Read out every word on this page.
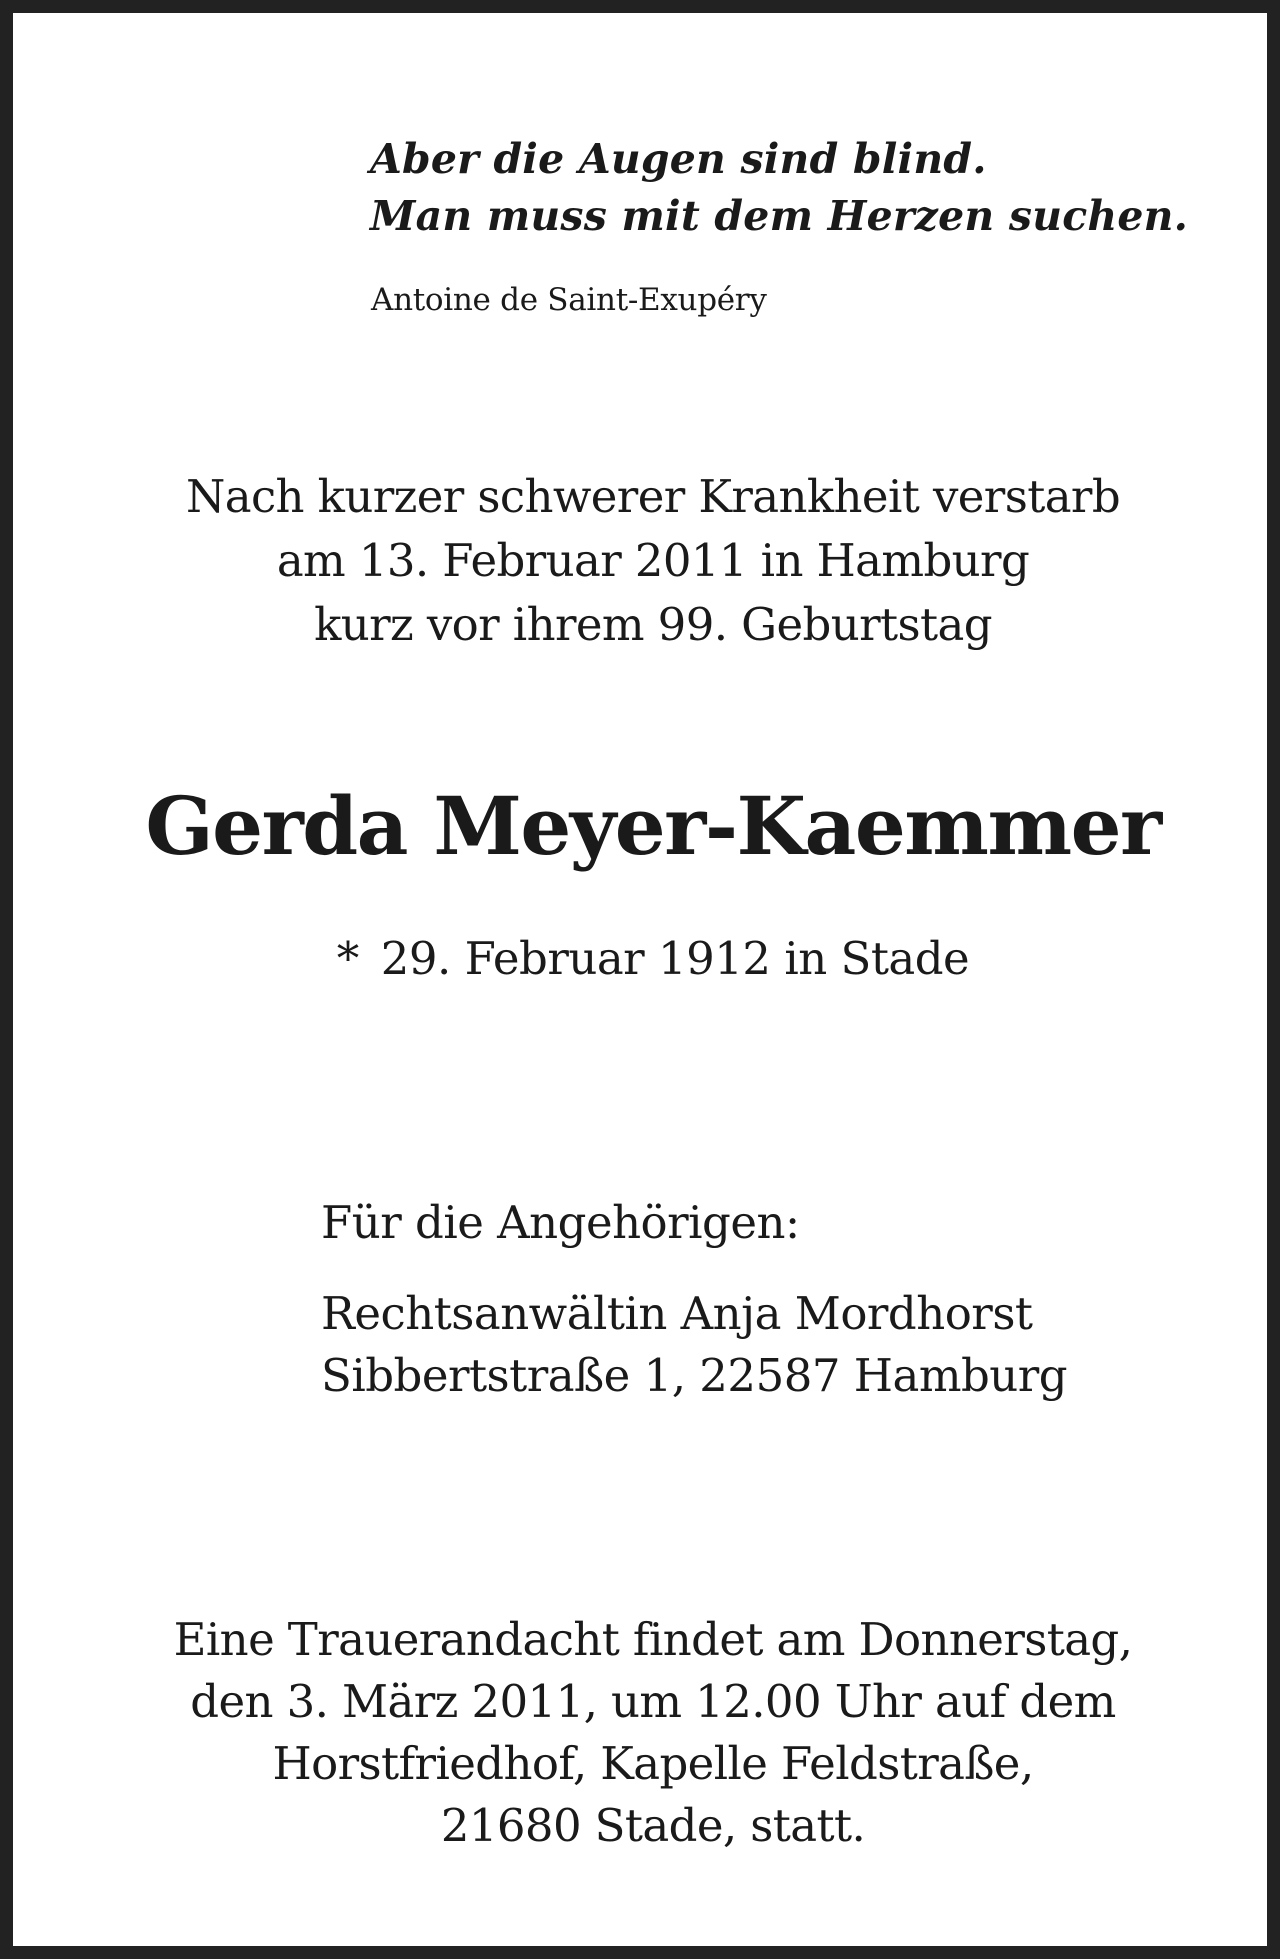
Aber die Augen sind blind.
Man muss mit dem Herzen suchen.
Antoine de Saint-Exupéry
Nach kurzer schwerer Krankheit verstarb
am 13. Februar 2011 in Hamburg
kurz vor ihrem 99. Geburtstag
Gerda Meyer-Kaemmer
* 29. Februar 1912 in Stade
Für die Angehörigen:
Rechtsanwältin Anja Mordhorst
Sibbertstraße 1, 22587 Hamburg
Eine Trauerandacht findet am Donnerstag,
den 3. März 2011, um 12.00 Uhr auf dem
Horstfriedhof, Kapelle Feldstraße,
21680 Stade, statt.
